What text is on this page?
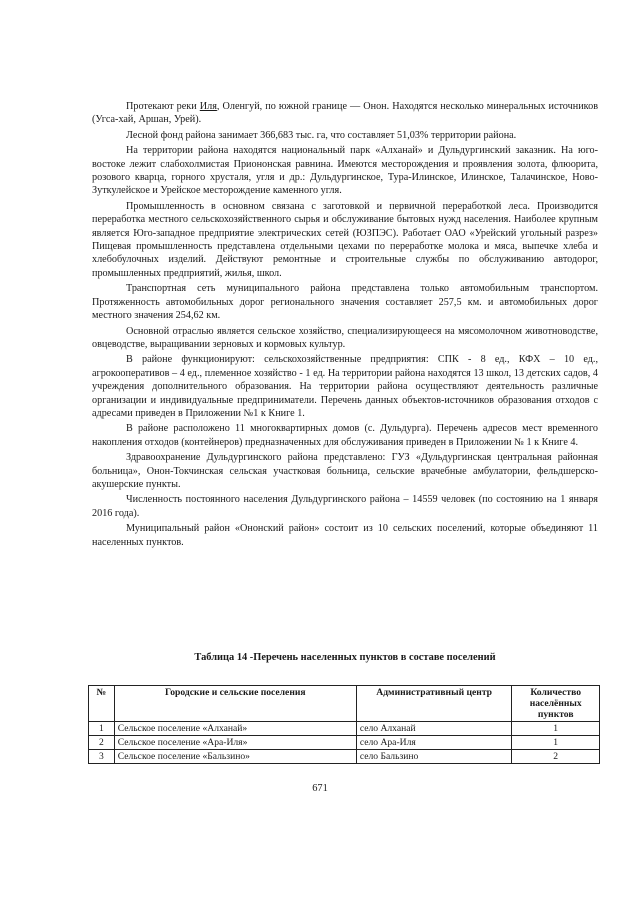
Протекают реки Иля, Оленгуй, по южной границе — Онон. Находятся несколько минеральных источников (Угса-хай, Аршан, Урей).

Лесной фонд района занимает 366,683 тыс. га, что составляет 51,03% территории района.

На территории района находятся национальный парк «Алханай» и Дульдургинский заказник. На юго-востоке лежит слабохолмистая Приононская равнина. Имеются месторождения и проявления золота, флюорита, розового кварца, горного хрусталя, угля и др.: Дульдургинское, Тура-Илинское, Илинское, Талачинское, Ново-Зуткулейское и Урейское месторождение каменного угля.

Промышленность в основном связана с заготовкой и первичной переработкой леса. Производится переработка местного сельскохозяйственного сырья и обслуживание бытовых нужд населения. Наиболее крупным является Юго-западное предприятие электрических сетей (ЮЗПЭС). Работает ОАО «Урейский угольный разрез» Пищевая промышленность представлена отдельными цехами по переработке молока и мяса, выпечке хлеба и хлебобулочных изделий. Действуют ремонтные и строительные службы по обслуживанию автодорог, промышленных предприятий, жилья, школ.

Транспортная сеть муниципального района представлена только автомобильным транспортом. Протяженность автомобильных дорог регионального значения составляет 257,5 км. и автомобильных дорог местного значения 254,62 км.

Основной отраслью является сельское хозяйство, специализирующееся на мясомолочном животноводстве, овцеводстве, выращивании зерновых и кормовых культур.

В районе функционируют: сельскохозяйственные предприятия: СПК - 8 ед., КФХ – 10 ед., агрокооперативов – 4 ед., племенное хозяйство - 1 ед. На территории района находятся 13 школ, 13 детских садов, 4 учреждения дополнительного образования. На территории района осуществляют деятельность различные организации и индивидуальные предприниматели. Перечень данных объектов-источников образования отходов с адресами приведен в Приложении №1 к Книге 1.

В районе расположено 11 многоквартирных домов (с. Дульдурга). Перечень адресов мест временного накопления отходов (контейнеров) предназначенных для обслуживания приведен в Приложении № 1 к Книге 4.

Здравоохранение Дульдургинского района представлено: ГУЗ «Дульдургинская центральная районная больница», Онон-Токчинская сельская участковая больница, сельские врачебные амбулатории, фельдшерско-акушерские пункты.

Численность постоянного населения Дульдургинского района – 14559 человек (по состоянию на 1 января 2016 года).

Муниципальный район «Ононский район» состоит из 10 сельских поселений, которые объединяют 11 населенных пунктов.

Таблица 14 -Перечень населенных пунктов в составе поселений
№	Городские и сельские поселения	Административный центр	Количество населённых пунктов
1	Сельское поселение «Алханай»	село Алханай	1
2	Сельское поселение «Ара-Иля»	село Ара-Иля	1
3	Сельское поселение «Бальзино»	село Бальзино	2
671
